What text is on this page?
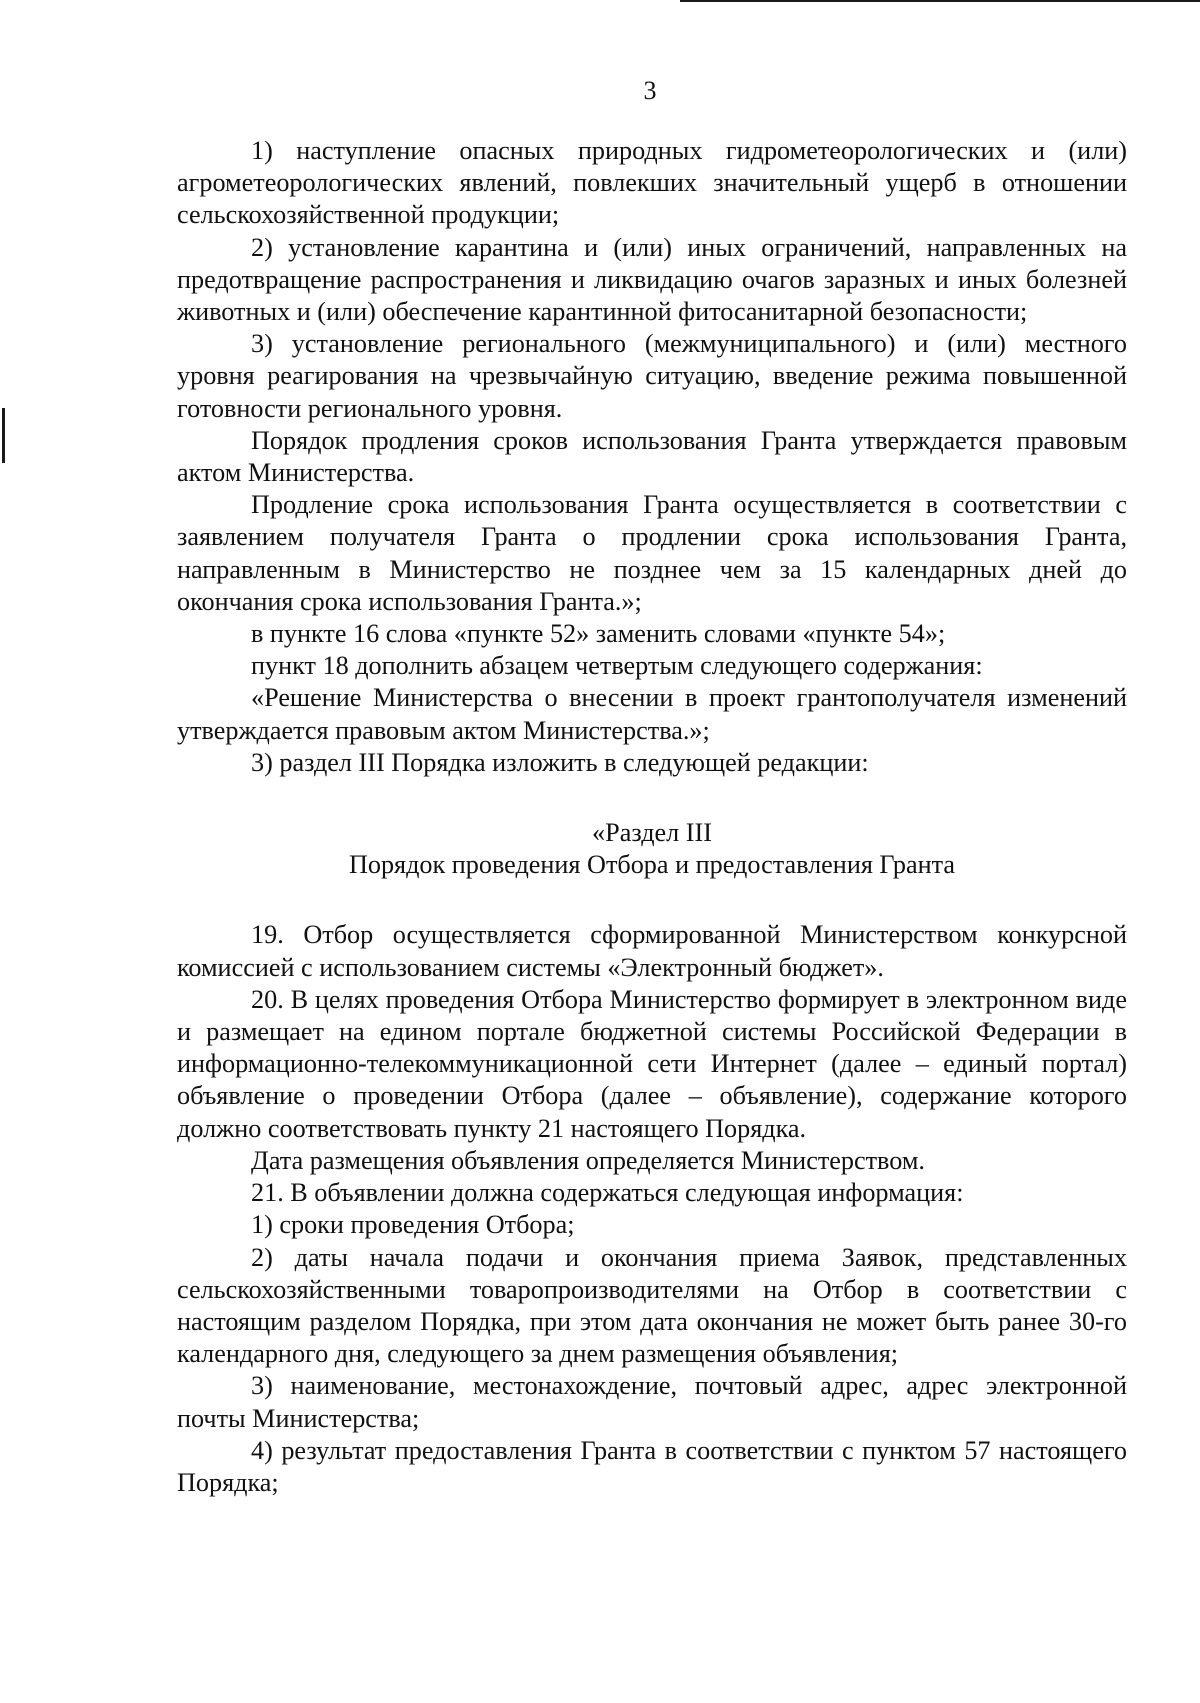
3

1) наступление опасных природных гидрометеорологических и (или) агрометеорологических явлений, повлекших значительный ущерб в отношении сельскохозяйственной продукции;

2) установление карантина и (или) иных ограничений, направленных на предотвращение распространения и ликвидацию очагов заразных и иных болезней животных и (или) обеспечение карантинной фитосанитарной безопасности;

3) установление регионального (межмуниципального) и (или) местного уровня реагирования на чрезвычайную ситуацию, введение режима повышенной готовности регионального уровня.

Порядок продления сроков использования Гранта утверждается правовым актом Министерства.

Продление срока использования Гранта осуществляется в соответствии с заявлением получателя Гранта о продлении срока использования Гранта, направленным в Министерство не позднее чем за 15 календарных дней до окончания срока использования Гранта.»;

в пункте 16 слова «пункте 52» заменить словами «пункте 54»;

пункт 18 дополнить абзацем четвертым следующего содержания:

«Решение Министерства о внесении в проект грантополучателя изменений утверждается правовым актом Министерства.»;

3) раздел III Порядка изложить в следующей редакции:

«Раздел III

Порядок проведения Отбора и предоставления Гранта

19. Отбор осуществляется сформированной Министерством конкурсной комиссией с использованием системы «Электронный бюджет».

20. В целях проведения Отбора Министерство формирует в электронном виде и размещает на едином портале бюджетной системы Российской Федерации в информационно-телекоммуникационной сети Интернет (далее – единый портал) объявление о проведении Отбора (далее – объявление), содержание которого должно соответствовать пункту 21 настоящего Порядка.

Дата размещения объявления определяется Министерством.

21. В объявлении должна содержаться следующая информация:

1) сроки проведения Отбора;

2) даты начала подачи и окончания приема Заявок, представленных сельскохозяйственными товаропроизводителями на Отбор в соответствии с настоящим разделом Порядка, при этом дата окончания не может быть ранее 30-го календарного дня, следующего за днем размещения объявления;

3) наименование, местонахождение, почтовый адрес, адрес электронной почты Министерства;

4) результат предоставления Гранта в соответствии с пунктом 57 настоящего Порядка;
